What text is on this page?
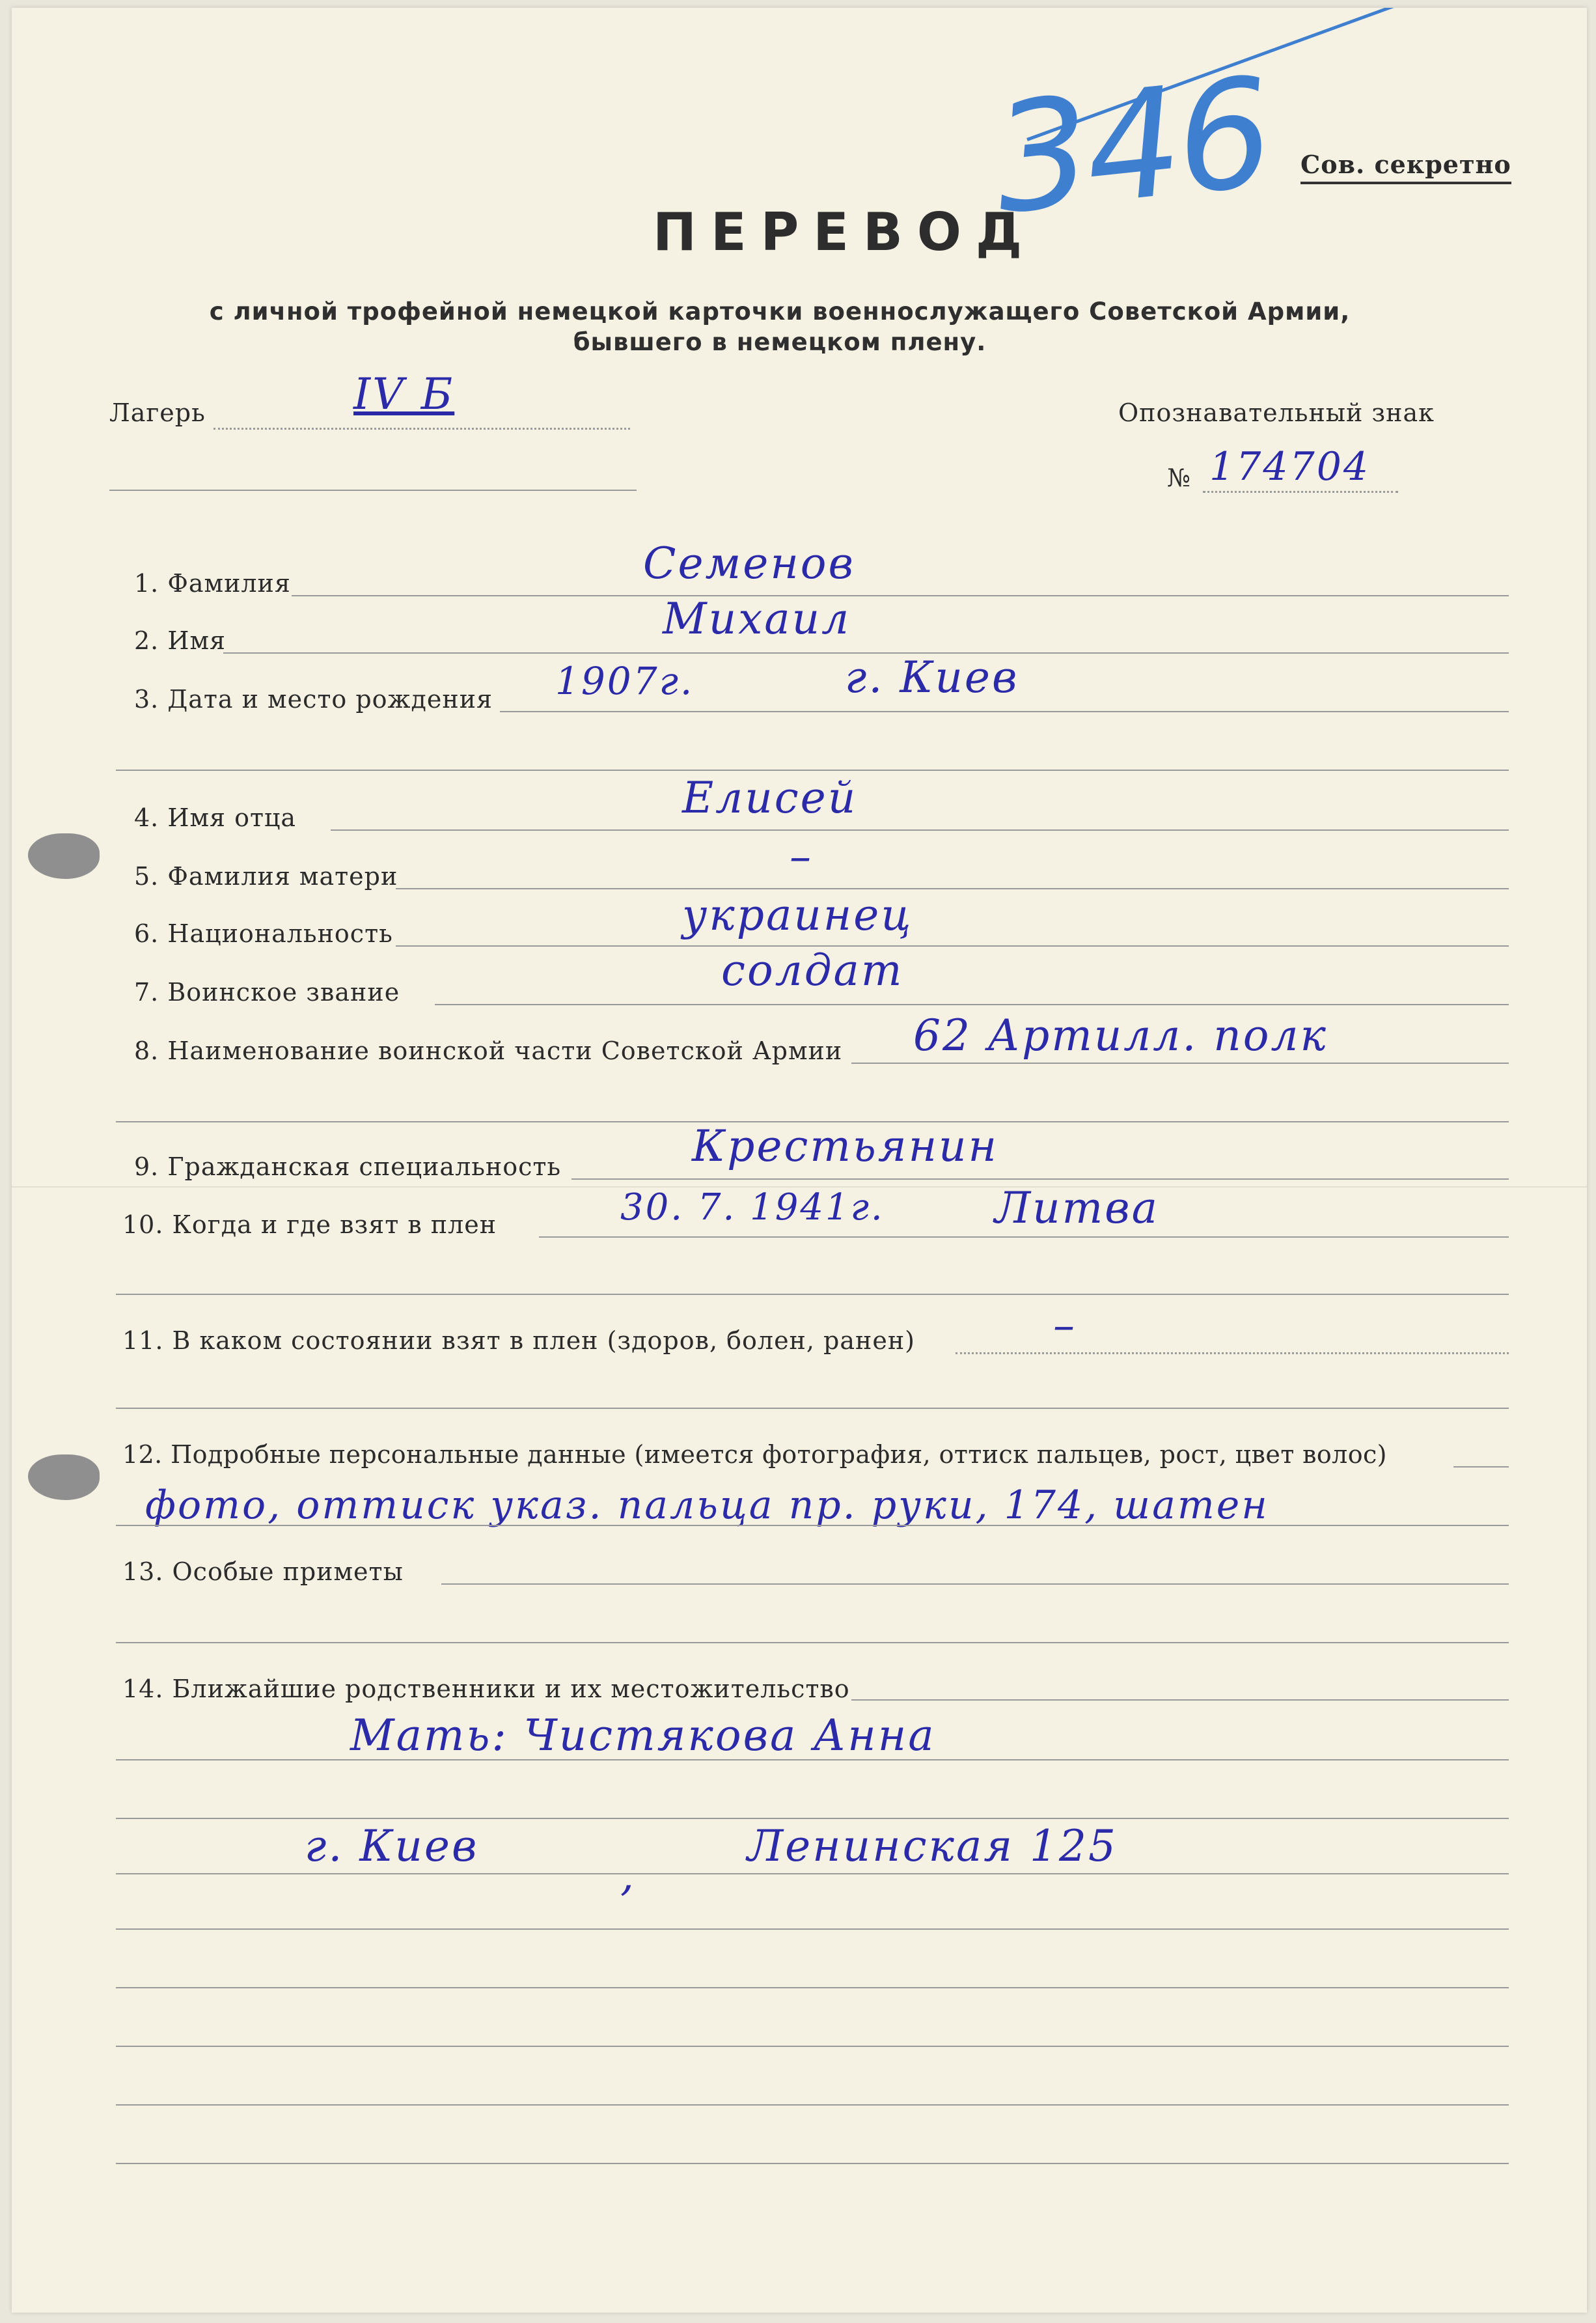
346 Сов. секретно
ПЕРЕВОД
с личной трофейной немецкой карточки военнослужащего Советской Армии,
бывшего в немецком плену.
Лагерь	IV Б	Опознавательный знак
№ 174704
1. Фамилия	Семенов
2. Имя	Михаил
3. Дата и место рождения 1907г.	г. Киев
4. Имя отца	Елисей
5. Фамилия матери	–
6. Национальность	украинец
7. Воинское звание	солдат
8. Наименование воинской части Советской Армии 62 Артилл. полк
9. Гражданская специальность	Крестьянин
10. Когда и где взят в плен	30. 7. 1941г.	Литва
11. В каком состоянии взят в плен (здоров, болен, ранен)	–
12. Подробные персональные данные (имеется фотография, оттиск пальцев, рост, цвет волос)
фото, оттиск указ. пальца пр. руки, 174, шатен
13. Особые приметы
14. Ближайшие родственники и их местожительство
Мать: Чистякова Анна
г. Киев
,
Ленинская 125
